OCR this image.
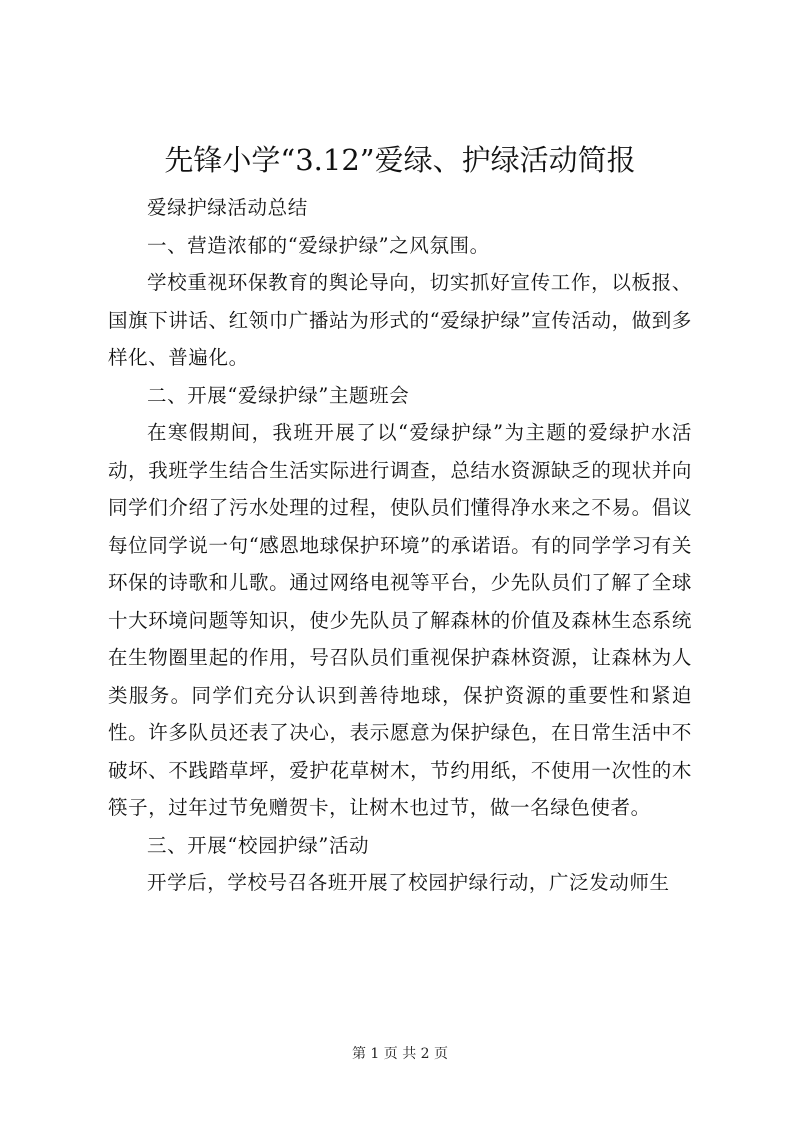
先锋小学“3.12”爱绿、护绿活动简报

爱绿护绿活动总结

一、营造浓郁的“爱绿护绿”之风氛围。

学校重视环保教育的舆论导向，切实抓好宣传工作，以板报、国旗下讲话、红领巾广播站为形式的“爱绿护绿”宣传活动，做到多样化、普遍化。

二、开展“爱绿护绿”主题班会

在寒假期间，我班开展了以“爱绿护绿”为主题的爱绿护水活动，我班学生结合生活实际进行调查，总结水资源缺乏的现状并向同学们介绍了污水处理的过程，使队员们懂得净水来之不易。倡议每位同学说一句“感恩地球保护环境”的承诺语。有的同学学习有关环保的诗歌和儿歌。通过网络电视等平台，少先队员们了解了全球十大环境问题等知识，使少先队员了解森林的价值及森林生态系统在生物圈里起的作用，号召队员们重视保护森林资源，让森林为人类服务。同学们充分认识到善待地球，保护资源的重要性和紧迫性。许多队员还表了决心，表示愿意为保护绿色，在日常生活中不破坏、不践踏草坪，爱护花草树木，节约用纸，不使用一次性的木筷子，过年过节免赠贺卡，让树木也过节，做一名绿色使者。

三、开展“校园护绿”活动

开学后，学校号召各班开展了校园护绿行动，广泛发动师生

第 1 页 共 2 页
